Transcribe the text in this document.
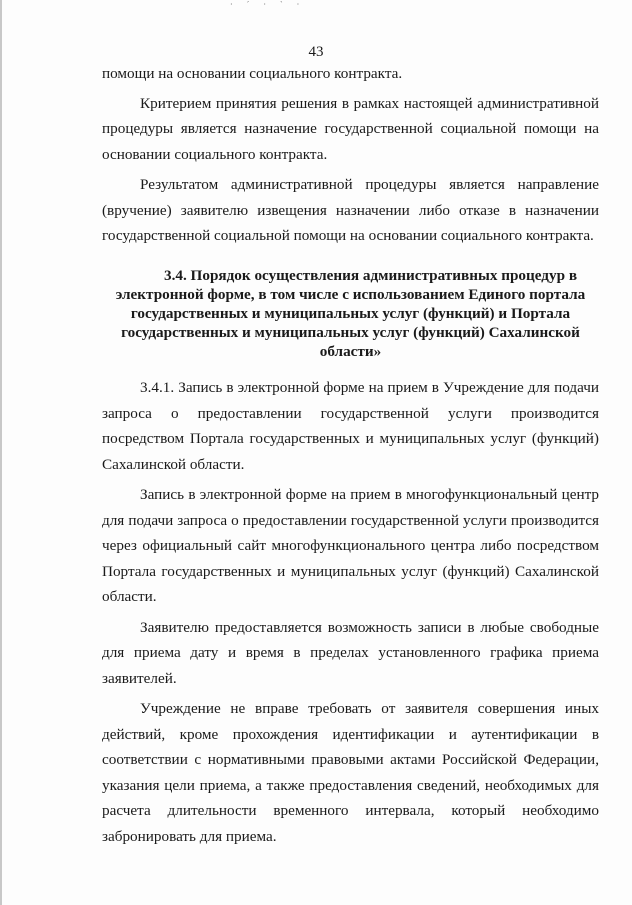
· ˊ · ˋ ·
43

помощи на основании социального контракта.

Критерием принятия решения в рамках настоящей административной процедуры является назначение государственной социальной помощи на основании социального контракта.

Результатом административной процедуры является направление (вручение) заявителю извещения назначении либо отказе в назначении государственной социальной помощи на основании социального контракта.

3.4. Порядок осуществления административных процедур в
электронной форме, в том числе с использованием Единого портала
государственных и муниципальных услуг (функций) и Портала
государственных и муниципальных услуг (функций) Сахалинской
области»

3.4.1. Запись в электронной форме на прием в Учреждение для подачи запроса о предоставлении государственной услуги производится посредством Портала государственных и муниципальных услуг (функций) Сахалинской области.

Запись в электронной форме на прием в многофункциональный центр для подачи запроса о предоставлении государственной услуги производится через официальный сайт многофункционального центра либо посредством Портала государственных и муниципальных услуг (функций) Сахалинской области.

Заявителю предоставляется возможность записи в любые свободные для приема дату и время в пределах установленного графика приема заявителей.

Учреждение не вправе требовать от заявителя совершения иных действий, кроме прохождения идентификации и аутентификации в соответствии с нормативными правовыми актами Российской Федерации, указания цели приема, а также предоставления сведений, необходимых для расчета длительности временного интервала, который необходимо забронировать для приема.
